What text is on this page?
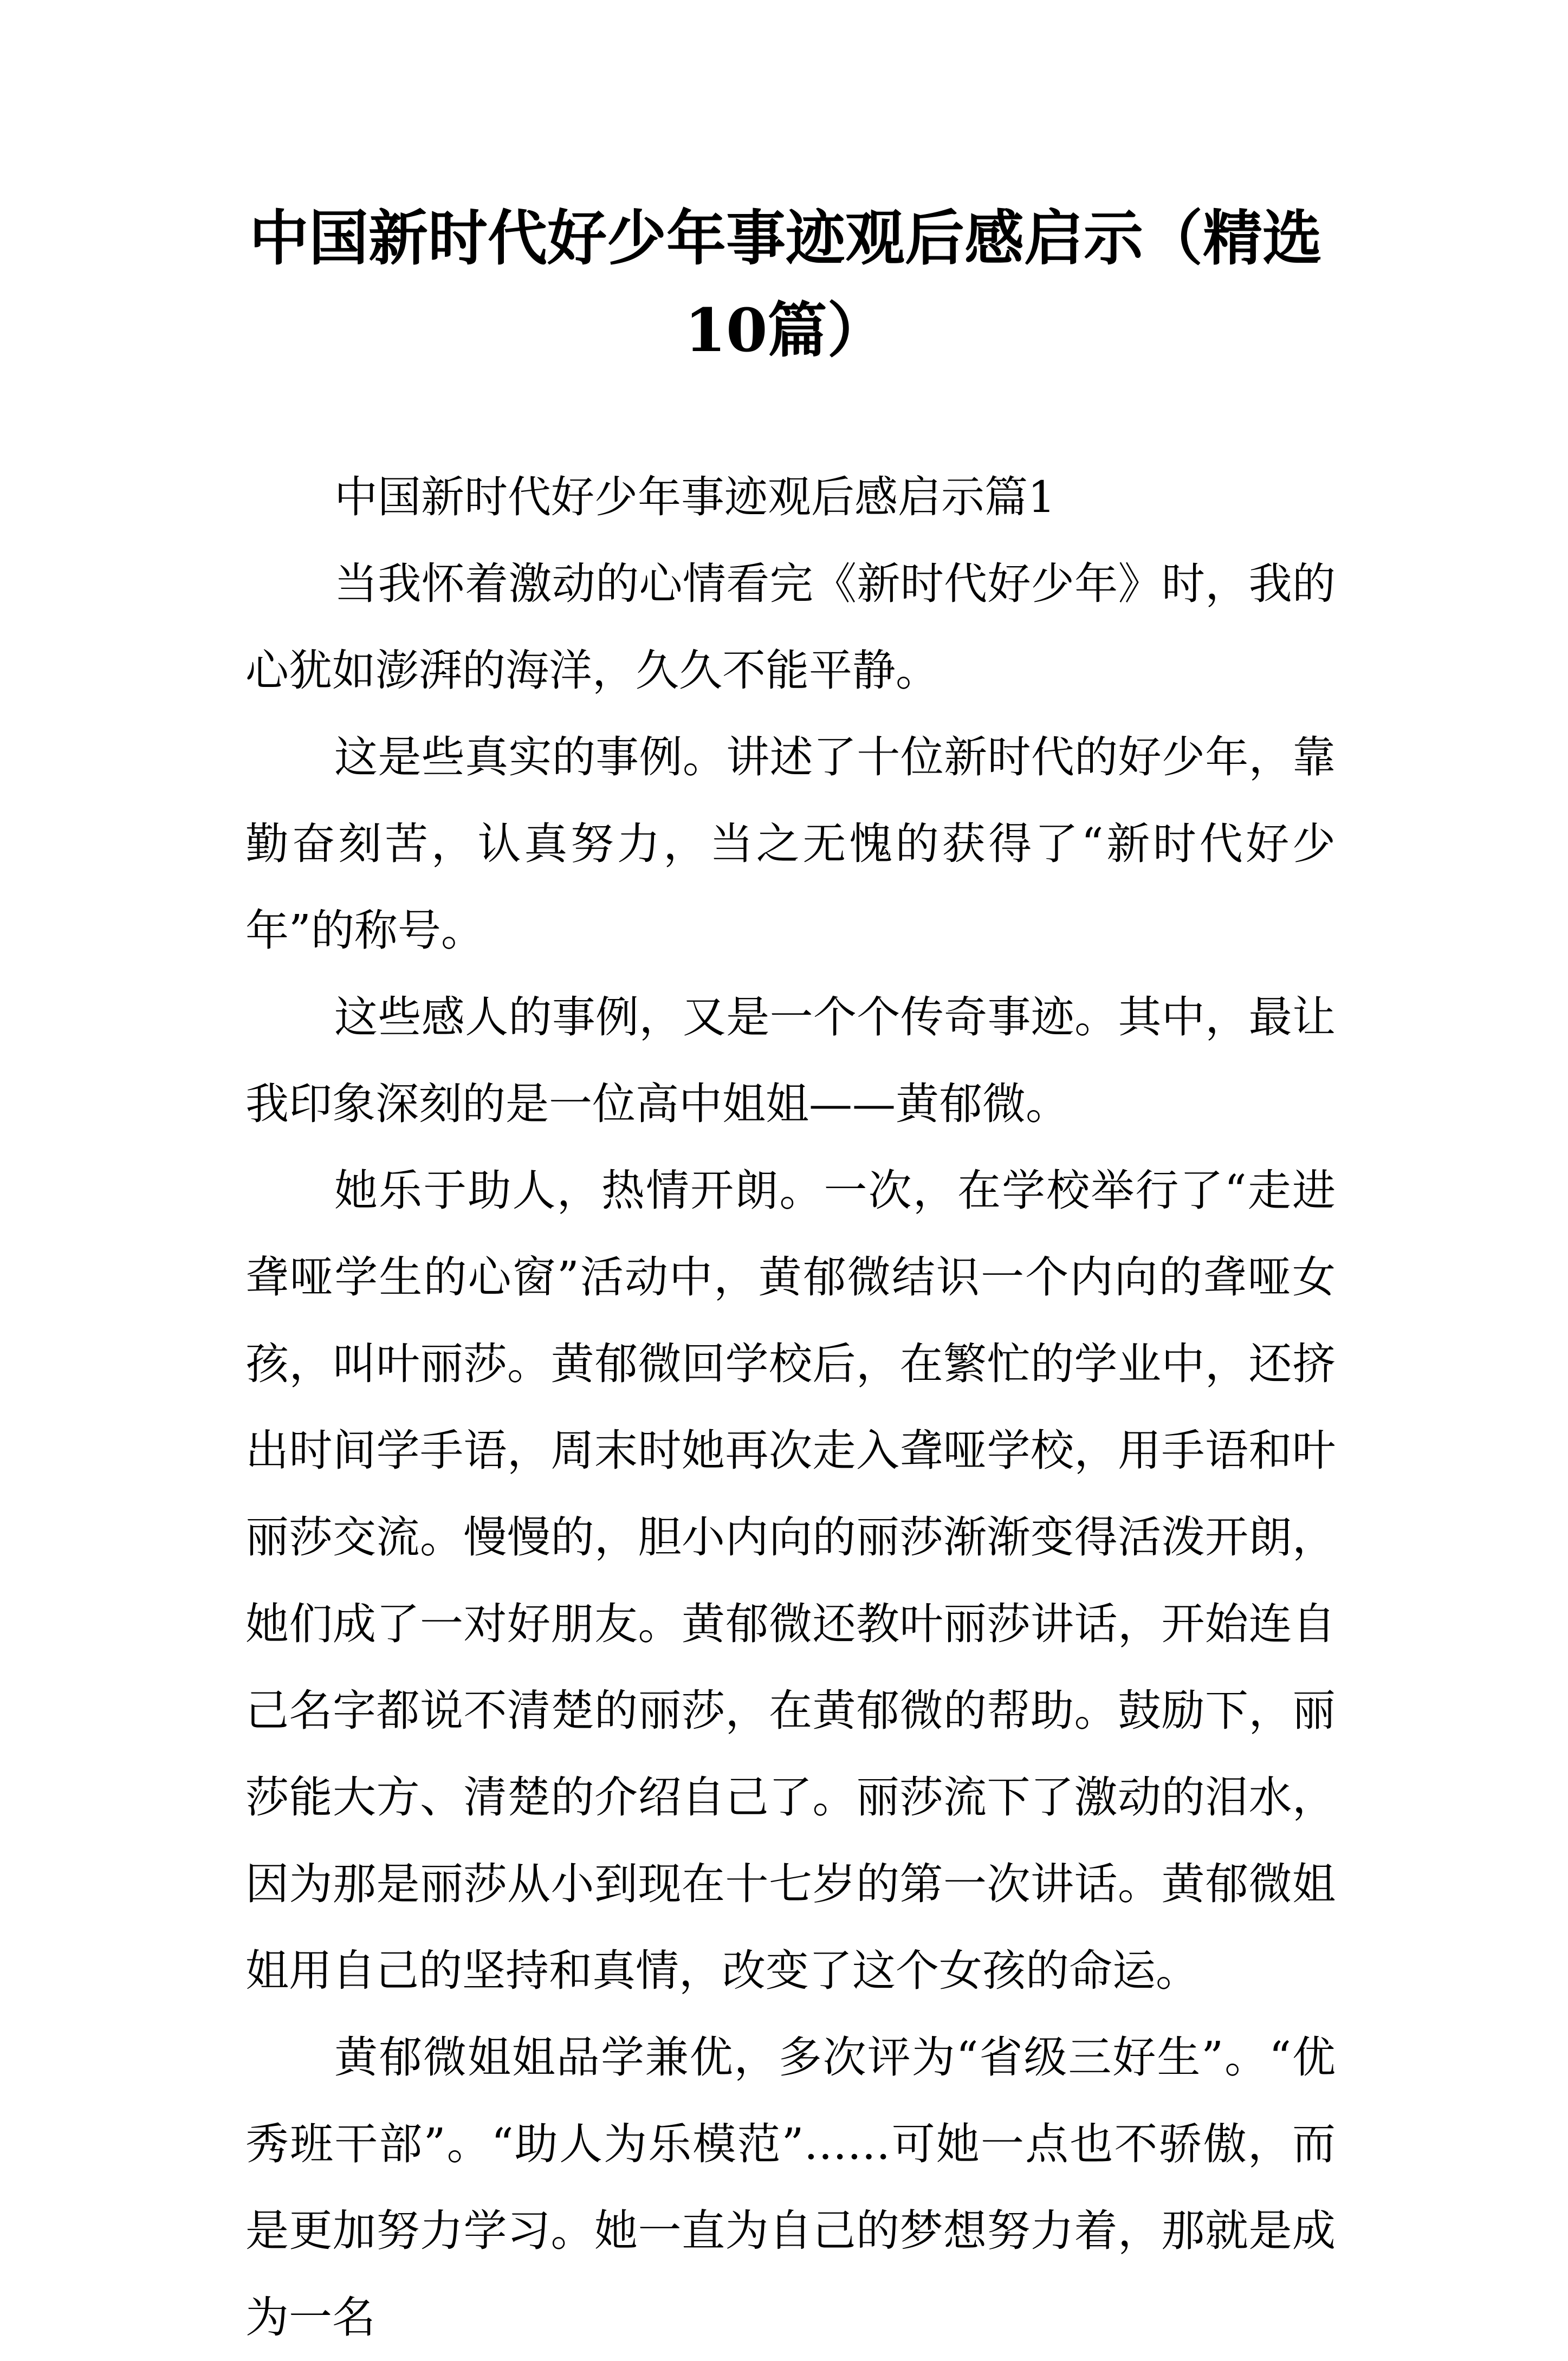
中国新时代好少年事迹观后感启示（精选10篇）

中国新时代好少年事迹观后感启示篇1

当我怀着激动的心情看完《新时代好少年》时，我的心犹如澎湃的海洋，久久不能平静。

这是些真实的事例。讲述了十位新时代的好少年，靠勤奋刻苦，认真努力，当之无愧的获得了“新时代好少年”的称号。

这些感人的事例，又是一个个传奇事迹。其中，最让我印象深刻的是一位高中姐姐——黄郁微。

她乐于助人，热情开朗。一次，在学校举行了“走进聋哑学生的心窗”活动中，黄郁微结识一个内向的聋哑女孩，叫叶丽莎。黄郁微回学校后，在繁忙的学业中，还挤出时间学手语，周末时她再次走入聋哑学校，用手语和叶丽莎交流。慢慢的，胆小内向的丽莎渐渐变得活泼开朗，她们成了一对好朋友。黄郁微还教叶丽莎讲话，开始连自己名字都说不清楚的丽莎，在黄郁微的帮助。鼓励下，丽莎能大方、清楚的介绍自己了。丽莎流下了激动的泪水，因为那是丽莎从小到现在十七岁的第一次讲话。黄郁微姐姐用自己的坚持和真情，改变了这个女孩的命运。

黄郁微姐姐品学兼优，多次评为“省级三好生”。“优秀班干部”。“助人为乐模范”……可她一点也不骄傲，而是更加努力学习。她一直为自己的梦想努力着，那就是成为一名
